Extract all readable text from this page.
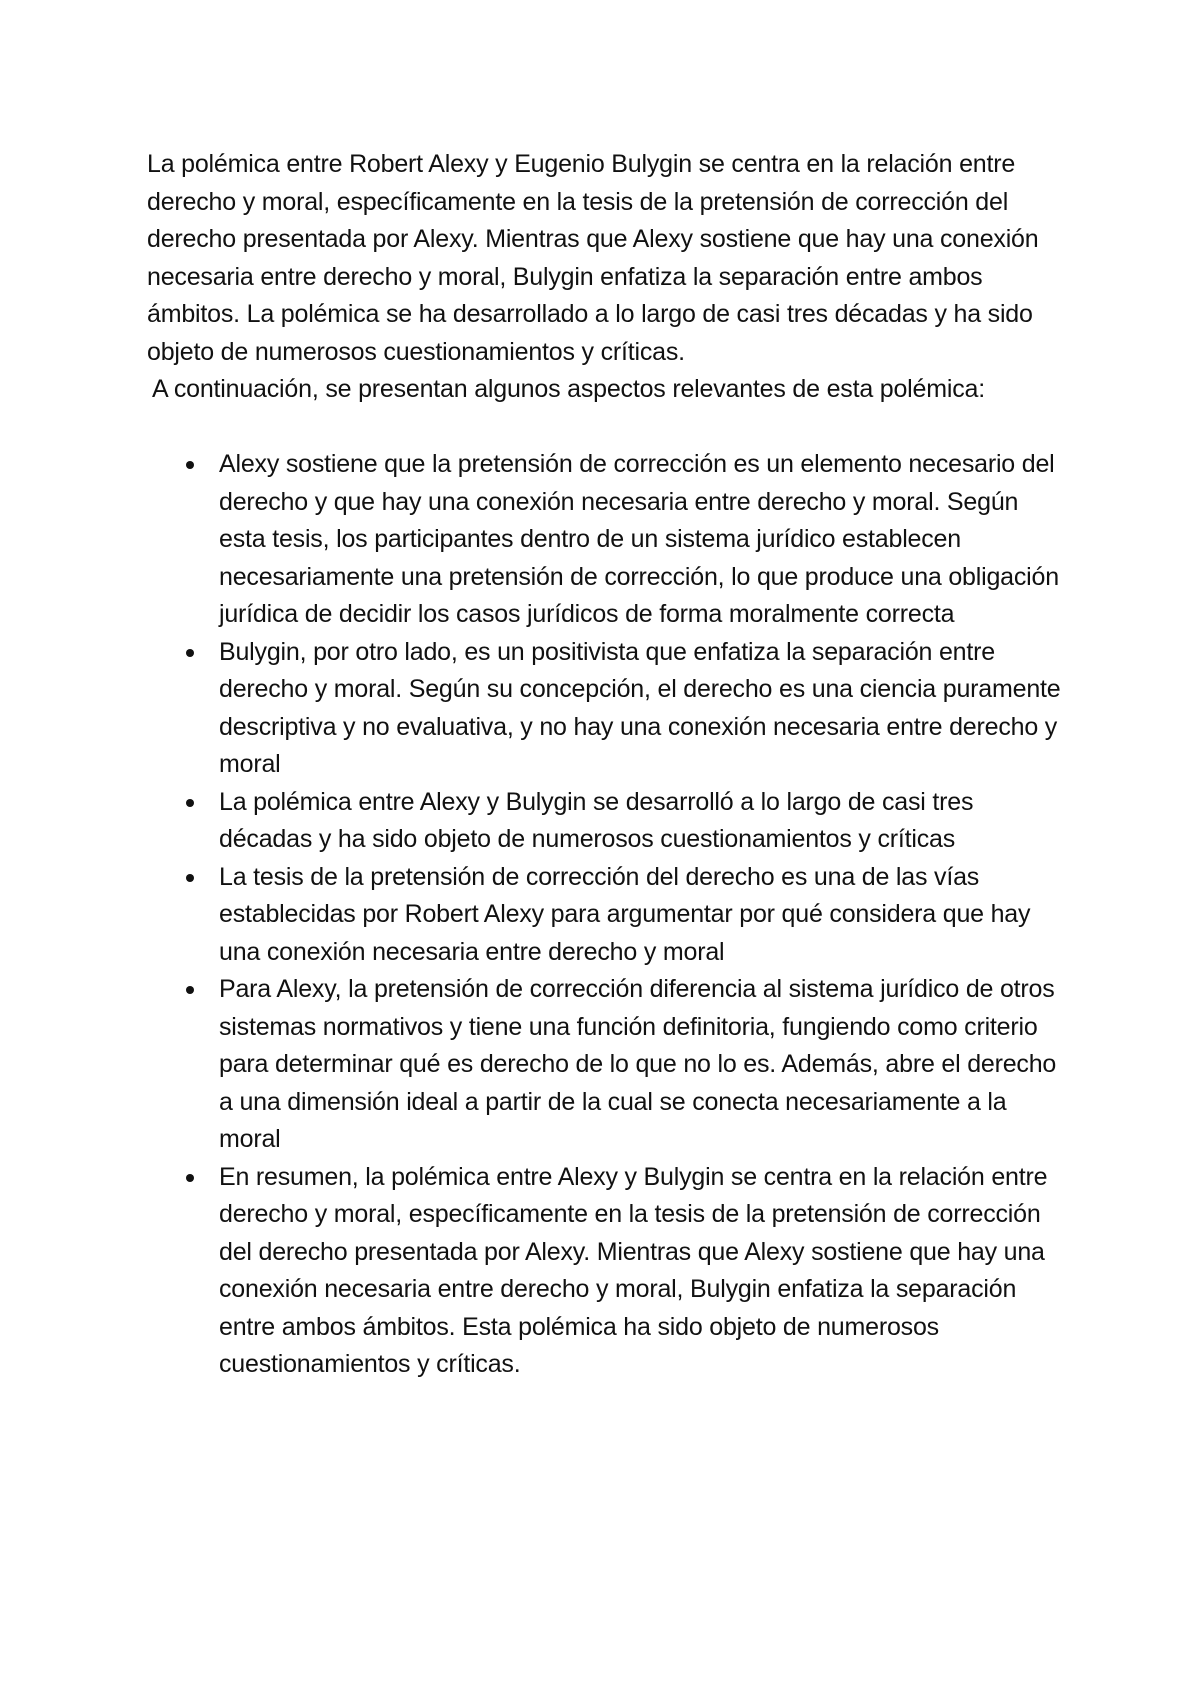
La polémica entre Robert Alexy y Eugenio Bulygin se centra en la relación entre derecho y moral, específicamente en la tesis de la pretensión de corrección del derecho presentada por Alexy. Mientras que Alexy sostiene que hay una conexión necesaria entre derecho y moral, Bulygin enfatiza la separación entre ambos ámbitos. La polémica se ha desarrollado a lo largo de casi tres décadas y ha sido objeto de numerosos cuestionamientos y críticas.

A continuación, se presentan algunos aspectos relevantes de esta polémica:

Alexy sostiene que la pretensión de corrección es un elemento necesario del derecho y que hay una conexión necesaria entre derecho y moral. Según esta tesis, los participantes dentro de un sistema jurídico establecen necesariamente una pretensión de corrección, lo que produce una obligación jurídica de decidir los casos jurídicos de forma moralmente correcta
Bulygin, por otro lado, es un positivista que enfatiza la separación entre derecho y moral. Según su concepción, el derecho es una ciencia puramente descriptiva y no evaluativa, y no hay una conexión necesaria entre derecho y moral
La polémica entre Alexy y Bulygin se desarrolló a lo largo de casi tres décadas y ha sido objeto de numerosos cuestionamientos y críticas
La tesis de la pretensión de corrección del derecho es una de las vías establecidas por Robert Alexy para argumentar por qué considera que hay una conexión necesaria entre derecho y moral
Para Alexy, la pretensión de corrección diferencia al sistema jurídico de otros sistemas normativos y tiene una función definitoria, fungiendo como criterio para determinar qué es derecho de lo que no lo es. Además, abre el derecho a una dimensión ideal a partir de la cual se conecta necesariamente a la moral
En resumen, la polémica entre Alexy y Bulygin se centra en la relación entre derecho y moral, específicamente en la tesis de la pretensión de corrección del derecho presentada por Alexy. Mientras que Alexy sostiene que hay una conexión necesaria entre derecho y moral, Bulygin enfatiza la separación entre ambos ámbitos. Esta polémica ha sido objeto de numerosos cuestionamientos y críticas.
